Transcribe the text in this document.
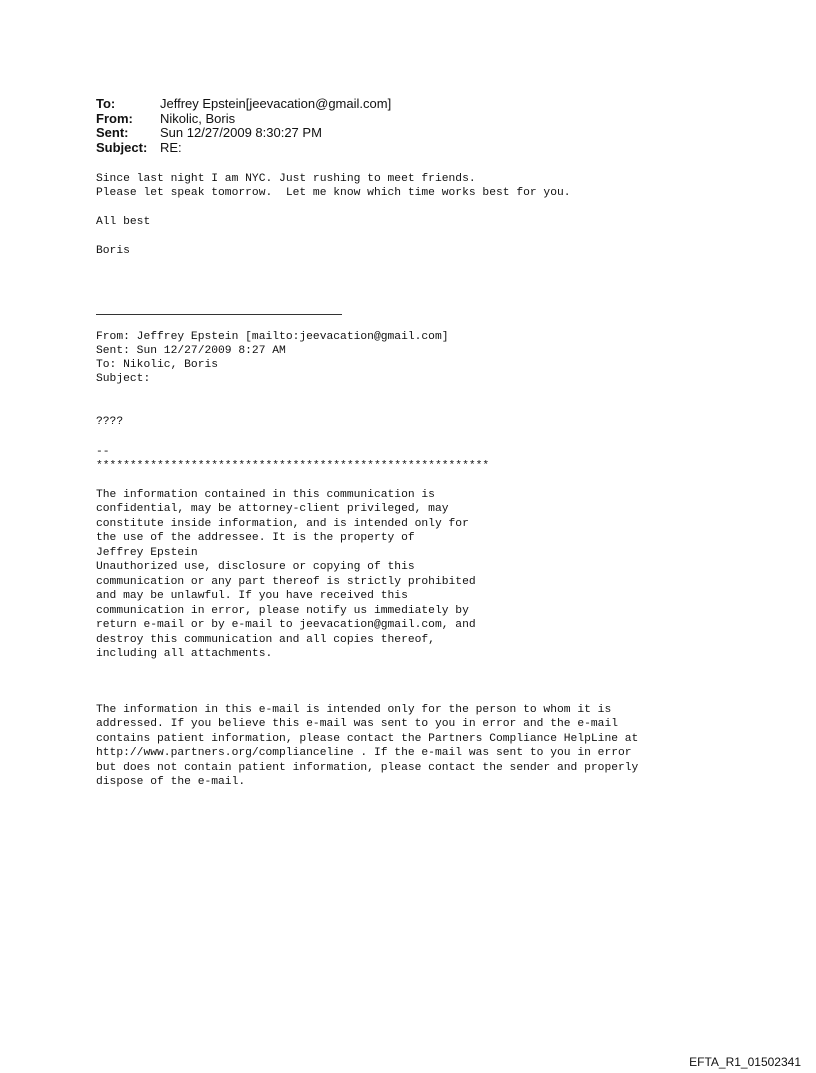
To:	Jeffrey Epstein[jeevacation@gmail.com]
From:	Nikolic, Boris
Sent:	Sun 12/27/2009 8:30:27 PM
Subject: RE:
Since last night I am NYC. Just rushing to meet friends.
Please let speak tomorrow.  Let me know which time works best for you.
All best
Boris
From: Jeffrey Epstein [mailto:jeevacation@gmail.com]
Sent: Sun 12/27/2009 8:27 AM
To: Nikolic, Boris
Subject:
????
--
**********************************************************

The information contained in this communication is
confidential, may be attorney-client privileged, may
constitute inside information, and is intended only for
the use of the addressee. It is the property of
Jeffrey Epstein
Unauthorized use, disclosure or copying of this
communication or any part thereof is strictly prohibited
and may be unlawful. If you have received this
communication in error, please notify us immediately by
return e-mail or by e-mail to jeevacation@gmail.com, and
destroy this communication and all copies thereof,
including all attachments.

The information in this e-mail is intended only for the person to whom it is
addressed. If you believe this e-mail was sent to you in error and the e-mail
contains patient information, please contact the Partners Compliance HelpLine at
http://www.partners.org/complianceline . If the e-mail was sent to you in error
but does not contain patient information, please contact the sender and properly
dispose of the e-mail.

EFTA_R1_01502341
